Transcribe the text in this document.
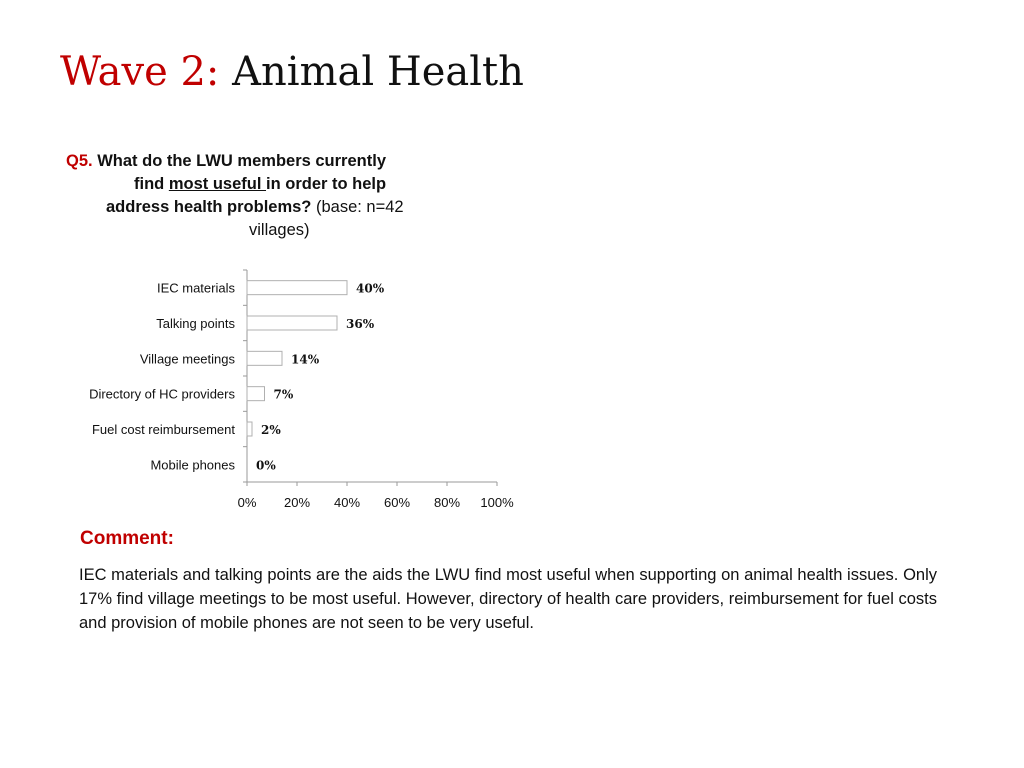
Wave 2: Animal Health
Q5. What do the LWU members currently
find most useful in order to help
address health problems? (base: n=42
villages)
IEC materials	40%
Talking points	36%
Village meetings	14%
Directory of HC providers	7%
Fuel cost reimbursement 2%
Mobile phones 0%
0% 20% 40% 60% 80% 100%
Comment:

IEC materials and talking points are the aids the LWU find most useful when supporting on animal health issues. Only 17% find village meetings to be most useful. However, directory of health care providers, reimbursement for fuel costs and provision of mobile phones are not seen to be very useful.
